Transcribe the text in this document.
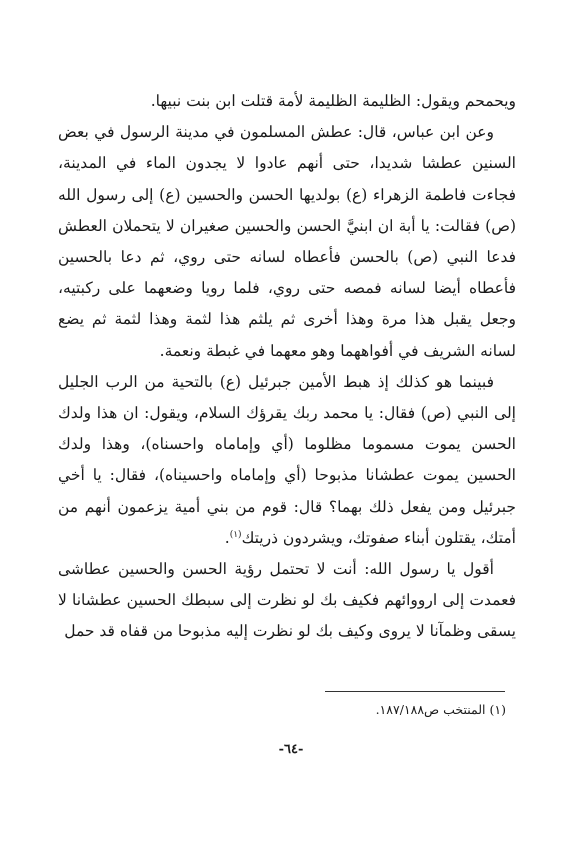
ويحمحم ويقول: الظليمة الظليمة لأمة قتلت ابن بنت نبيها.

وعن ابن عباس، قال: عطش المسلمون في مدينة الرسول في بعض السنين عطشا شديدا، حتى أنهم عادوا لا يجدون الماء في المدينة، فجاءت فاطمة الزهراء (ع) بولديها الحسن والحسين (ع) إلى رسول الله (ص) فقالت: يا أبة ان ابنيَّ الحسن والحسين صغيران لا يتحملان العطش فدعا النبي (ص) بالحسن فأعطاه لسانه حتى روي، ثم دعا بالحسين فأعطاه أيضا لسانه فمصه حتى روي، فلما رويا وضعهما على ركبتيه، وجعل يقبل هذا مرة وهذا أخرى ثم يلثم هذا لثمة وهذا لثمة ثم يضع لسانه الشريف في أفواههما وهو معهما في غبطة ونعمة.

فبينما هو كذلك إذ هبط الأمين جبرئيل (ع) بالتحية من الرب الجليل إلى النبي (ص) فقال: يا محمد ربك يقرؤك السلام، ويقول: ان هذا ولدك الحسن يموت مسموما مظلوما (أي وإماماه واحسناه)، وهذا ولدك الحسين يموت عطشانا مذبوحا (أي وإماماه واحسيناه)، فقال: يا أخي جبرئيل ومن يفعل ذلك بهما؟ قال: قوم من بني أمية يزعمون أنهم من أمتك، يقتلون أبناء صفوتك، ويشردون ذريتك$^{(١)}$.

أقول يا رسول الله: أنت لا تحتمل رؤية الحسن والحسين عطاشى فعمدت إلى ارووائهم فكيف بك لو نظرت إلى سبطك الحسين عطشانا لا يسقى وظمآنا لا يروى وكيف بك لو نظرت إليه مذبوحا من قفاه قد حمل

(١) المنتخب ص١٨٧/١٨٨.
-٦٤-
